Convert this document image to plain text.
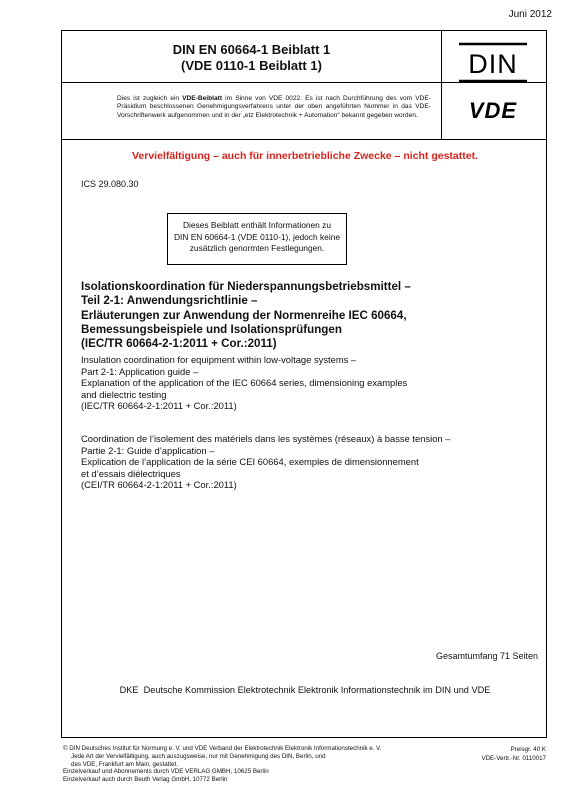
Juni 2012
DIN EN 60664-1 Beiblatt 1
(VDE 0110-1 Beiblatt 1)	DIN
Dies ist zugleich ein VDE-Beiblatt im Sinne von VDE 0022. Es ist nach Durchführung des vom VDE-Präsidium beschlossenen Genehmigungsverfahrens unter der oben angeführten Nummer in das VDE-Vorschriftenwerk aufgenommen und in der „etz Elektrotechnik + Automation“ bekannt gegeben worden.	VDE
Vervielfältigung – auch für innerbetriebliche Zwecke – nicht gestattet.
ICS 29.080.30
Dieses Beiblatt enthält Informationen zu
DIN EN 60664-1 (VDE 0110-1), jedoch keine
zusätzlich genormten Festlegungen.
Isolationskoordination für Niederspannungsbetriebsmittel –
Teil 2-1: Anwendungsrichtlinie –
Erläuterungen zur Anwendung der Normenreihe IEC 60664,
Bemessungsbeispiele und Isolationsprüfungen
(IEC/TR 60664-2-1:2011 + Cor.:2011)
Insulation coordination for equipment within low-voltage systems –
Part 2-1: Application guide –
Explanation of the application of the IEC 60664 series, dimensioning examples
and dielectric testing
(IEC/TR 60664-2-1:2011 + Cor.:2011)
Coordination de l’isolement des matériels dans les systèmes (réseaux) à basse tension –
Partie 2-1: Guide d’application –
Explication de l’application de la série CEI 60664, exemples de dimensionnement
et d’essais diélectriques
(CEI/TR 60664-2-1:2011 + Cor.:2011)
Gesamtumfang 71 Seiten
DKE Deutsche Kommission Elektrotechnik Elektronik Informationstechnik im DIN und VDE
© DIN Deutsches Institut für Normung e. V. und VDE Verband der Elektrotechnik Elektronik Informationstechnik e. V.
Jede Art der Vervielfältigung, auch auszugsweise, nur mit Genehmigung des DIN, Berlin, und
des VDE, Frankfurt am Main, gestattet.
Einzelverkauf und Abonnements durch VDE VERLAG GMBH, 10625 Berlin
Einzelverkauf auch durch Beuth Verlag GmbH, 10772 Berlin
Preisgr. 40 K
VDE-Vertr.-Nr. 0110017
